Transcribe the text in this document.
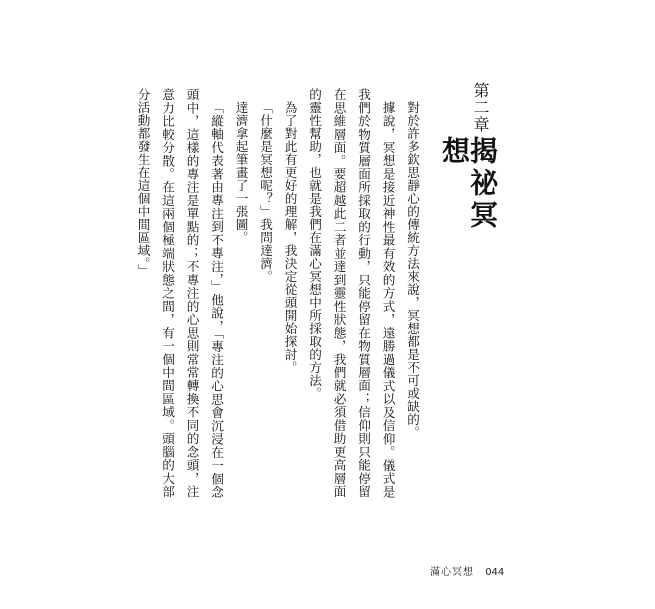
第二章
揭祕冥想

對於許多欽思靜心的傳統方法來說，冥想都是不可或缺的。

據說，冥想是接近神性最有效的方式，遠勝過儀式以及信仰。儀式是我們於物質層面所採取的行動，只能停留在物質層面；信仰則只能停留在思維層面。要超越此二者並達到靈性狀態，我們就必須借助更高層面的靈性幫助，也就是我們在滿心冥想中所採取的方法。

為了對此有更好的理解，我決定從頭開始探討。

「什麼是冥想呢？」我問達濟。

達濟拿起筆畫了一張圖。

「縱軸代表著由專注到不專注，」他說，「專注的心思會沉浸在一個念頭中，這樣的專注是單點的；不專注的心思則常常轉換不同的念頭，注意力比較分散。在這兩個極端狀態之間，有一個中間區域。頭腦的大部分活動都發生在這個中間區域。」

滿心冥想 044
